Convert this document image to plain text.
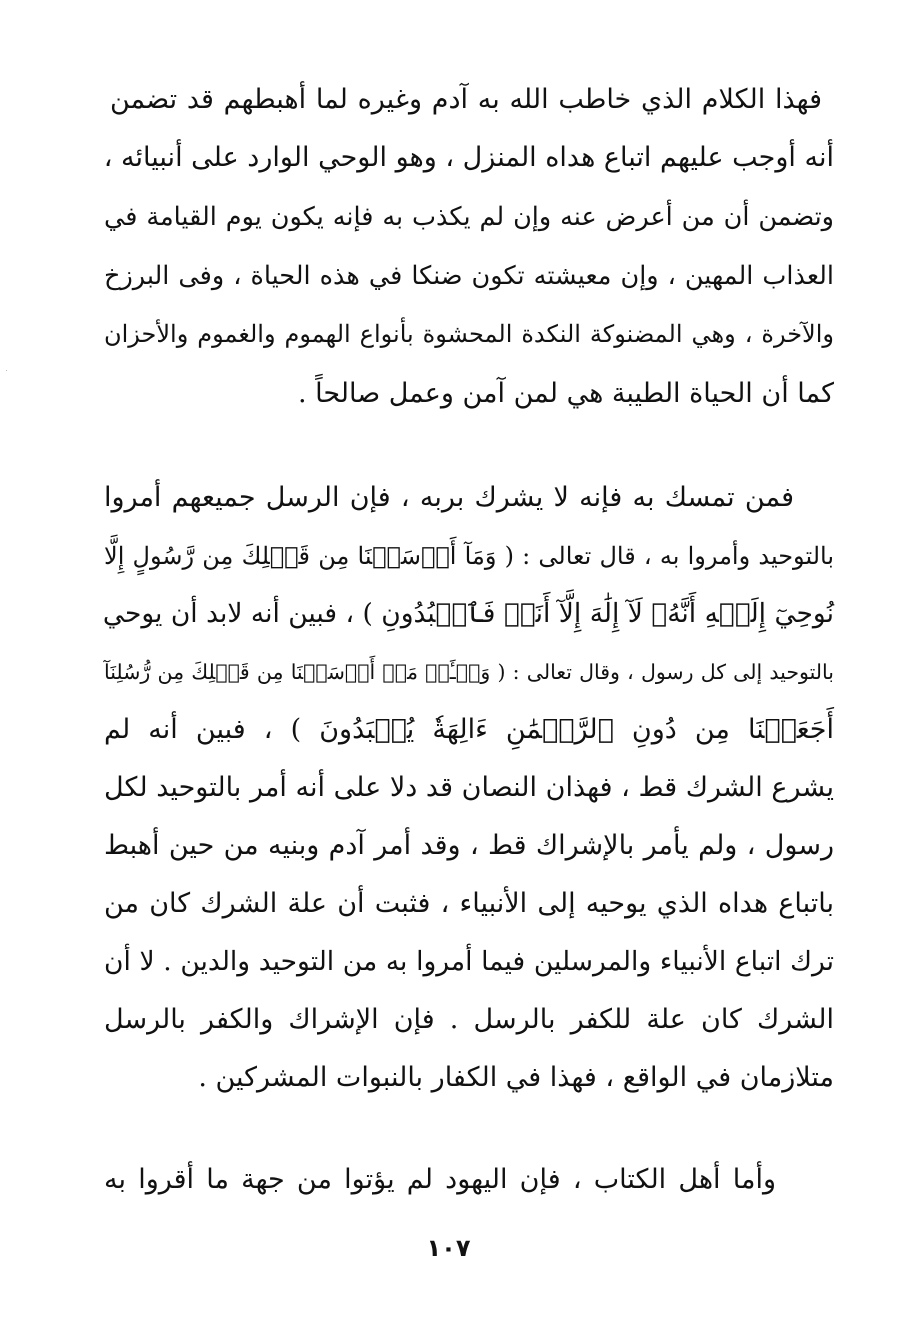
فهذا الكلام الذي خاطب الله به آدم وغيره لما أهبطهم قد تضمن
أنه أوجب عليهم اتباع هداه المنزل ، وهو الوحي الوارد على أنبيائه ،
وتضمن أن من أعرض عنه وإن لم يكذب به فإنه يكون يوم القيامة في
العذاب المهين ، وإن معيشته تكون ضنكا في هذه الحياة ، وفى البرزخ
والآخرة ، وهي المضنوكة النكدة المحشوة بأنواع الهموم والغموم والأحزان
كما أن الحياة الطيبة هي لمن آمن وعمل صالحاً .
فمن تمسك به فإنه لا يشرك بربه ، فإن الرسل جميعهم أمروا
بالتوحيد وأمروا به ، قال تعالى : ( وَمَآ أَرۡسَلۡنَا مِن قَبۡلِكَ مِن رَّسُولٍ إِلَّا
نُوحِيٓ إِلَيۡهِ أَنَّهُۥ لَآ إِلَٰهَ إِلَّآ أَنَا۠ فَٱعۡبُدُونِ ) ، فبين أنه لابد أن يوحي
بالتوحيد إلى كل رسول ، وقال تعالى : ( وَسۡـَٔلۡ مَنۡ أَرۡسَلۡنَا مِن قَبۡلِكَ مِن رُّسُلِنَآ
أَجَعَلۡنَا مِن دُونِ ٱلرَّحۡمَٰنِ ءَالِهَةٗ يُعۡبَدُونَ ) ، فبين أنه لم
يشرع الشرك قط ، فهذان النصان قد دلا على أنه أمر بالتوحيد لكل
رسول ، ولم يأمر بالإشراك قط ، وقد أمر آدم وبنيه من حين أهبط
باتباع هداه الذي يوحيه إلى الأنبياء ، فثبت أن علة الشرك كان من
ترك اتباع الأنبياء والمرسلين فيما أمروا به من التوحيد والدين . لا أن
الشرك كان علة للكفر بالرسل . فإن الإشراك والكفر بالرسل
متلازمان في الواقع ، فهذا في الكفار بالنبوات المشركين .
وأما أهل الكتاب ، فإن اليهود لم يؤتوا من جهة ما أقروا به
١٠٧
